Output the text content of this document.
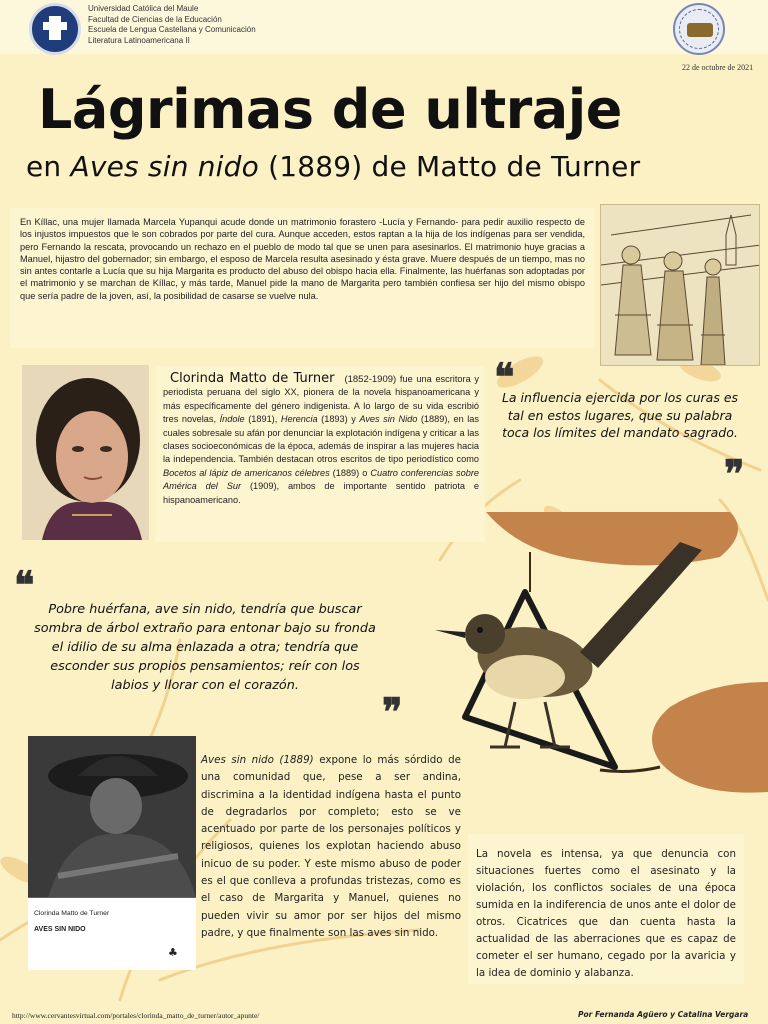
Universidad Católica del Maule
Facultad de Ciencias de la Educación
Escuela de Lengua Castellana y Comunicación
Literatura Latinoamericana II
22 de octubre de 2021
Lágrimas de ultraje
en Aves sin nido (1889) de Matto de Turner
En Kíllac, una mujer llamada Marcela Yupanqui acude donde un matrimonio forastero -Lucía y Fernando- para pedir auxilio respecto de los injustos impuestos que le son cobrados por parte del cura. Aunque acceden, estos raptan a la hija de los indígenas para ser vendida, pero Fernando la rescata, provocando un rechazo en el pueblo de modo tal que se unen para asesinarlos. El matrimonio huye gracias a Manuel, hijastro del gobernador; sin embargo, el esposo de Marcela resulta asesinado y ésta grave. Muere después de un tiempo, mas no sin antes contarle a Lucía que su hija Margarita es producto del abuso del obispo hacia ella. Finalmente, las huérfanas son adoptadas por el matrimonio y se marchan de Kíllac, y más tarde, Manuel pide la mano de Margarita pero también confiesa ser hijo del mismo obispo que sería padre de la joven, así, la posibilidad de casarse se vuelve nula.
Clorinda Matto de Turner (1852-1909) fue una escritora y periodista peruana del siglo XX, pionera de la novela hispanoamericana y más específicamente del género indigenista. A lo largo de su vida escribió tres novelas, Índole (1891), Herencia (1893) y Aves sin Nido (1889), en las cuales sobresale su afán por denunciar la explotación indígena y criticar a las clases socioeconómicas de la época, además de inspirar a las mujeres hacia la independencia. También destacan otros escritos de tipo periodístico como Bocetos al lápiz de americanos célebres (1889) o Cuatro conferencias sobre América del Sur (1909), ambos de importante sentido patriota e hispanoamericano.
❝
La influencia ejercida por los curas es tal en estos lugares, que su palabra toca los límites del mandato sagrado.
❞
❝
Pobre huérfana, ave sin nido, tendría que buscar sombra de árbol extraño para entonar bajo su fronda el idilio de su alma enlazada a otra; tendría que esconder sus propios pensamientos; reír con los labios y llorar con el corazón.
❞
Clorinda Matto de Turner
AVES SIN NIDO
♣
Aves sin nido (1889) expone lo más sórdido de una comunidad que, pese a ser andina, discrimina a la identidad indígena hasta el punto de degradarlos por completo; esto se ve acentuado por parte de los personajes políticos y religiosos, quienes los explotan haciendo abuso inicuo de su poder. Y este mismo abuso de poder es el que conlleva a profundas tristezas, como es el caso de Margarita y Manuel, quienes no pueden vivir su amor por ser hijos del mismo padre, y que finalmente son las aves sin nido.
La novela es intensa, ya que denuncia con situaciones fuertes como el asesinato y la violación, los conflictos sociales de una época sumida en la indiferencia de unos ante el dolor de otros. Cicatrices que dan cuenta hasta la actualidad de las aberraciones que es capaz de cometer el ser humano, cegado por la avaricia y la idea de dominio y alabanza.
http://www.cervantesvirtual.com/portales/clorinda_matto_de_turner/autor_apunte/	Por Fernanda Agüero y Catalina Vergara
